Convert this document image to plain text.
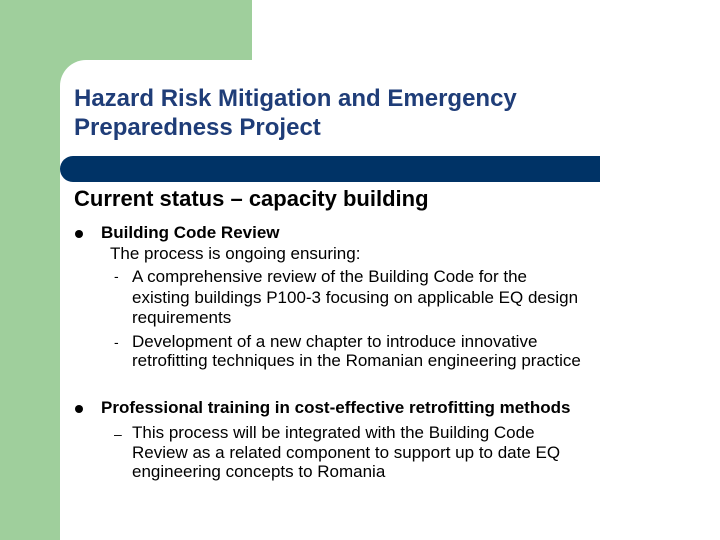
Hazard Risk Mitigation and Emergency
Preparedness Project
Current status – capacity building
Building Code Review
The process is ongoing ensuring:
- A comprehensive review of the Building Code for the
existing buildings P100-3 focusing on applicable EQ design
requirements
- Development of a new chapter to introduce innovative
retrofitting techniques in the Romanian engineering practice
Professional training in cost-effective retrofitting methods
– This process will be integrated with the Building Code
Review as a related component to support up to date EQ
engineering concepts to Romania
